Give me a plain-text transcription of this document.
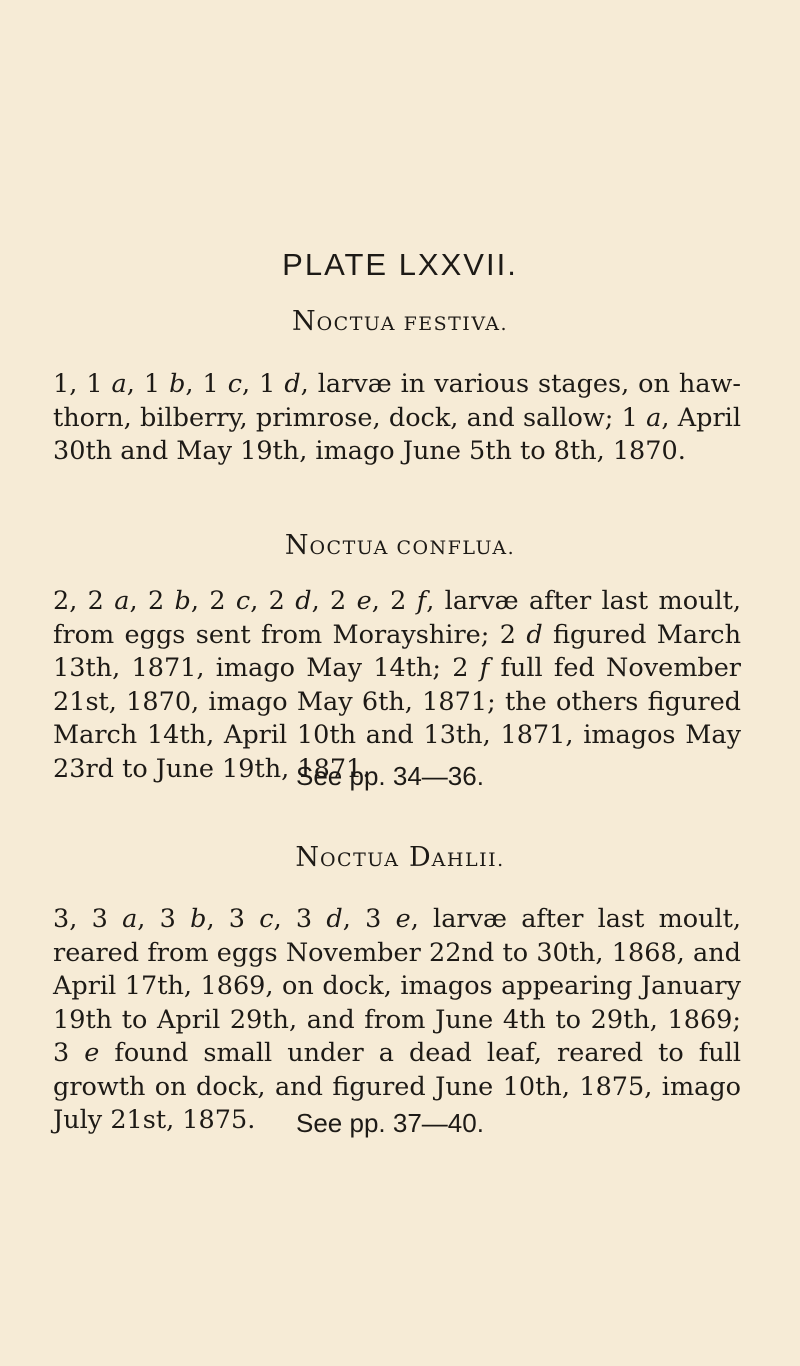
PLATE LXXVII.
NOCTUA FESTIVA.

1, 1 a, 1 b, 1 c, 1 d, larvæ in various stages, on haw-thorn, bilberry, primrose, dock, and sallow; 1 a, April 30th and May 19th, imago June 5th to 8th, 1870.

NOCTUA CONFLUA.

2, 2 a, 2 b, 2 c, 2 d, 2 e, 2 f, larvæ after last moult, from eggs sent from Morayshire; 2 d figured March 13th, 1871, imago May 14th; 2 f full fed November 21st, 1870, imago May 6th, 1871; the others figured March 14th, April 10th and 13th, 1871, imagos May 23rd to June 19th, 1871.

See pp. 34—36.

NOCTUA DAHLII.

3, 3 a, 3 b, 3 c, 3 d, 3 e, larvæ after last moult, reared from eggs November 22nd to 30th, 1868, and April 17th, 1869, on dock, imagos appearing January 19th to April 29th, and from June 4th to 29th, 1869; 3 e found small under a dead leaf, reared to full growth on dock, and figured June 10th, 1875, imago July 21st, 1875.	See pp. 37—40.
